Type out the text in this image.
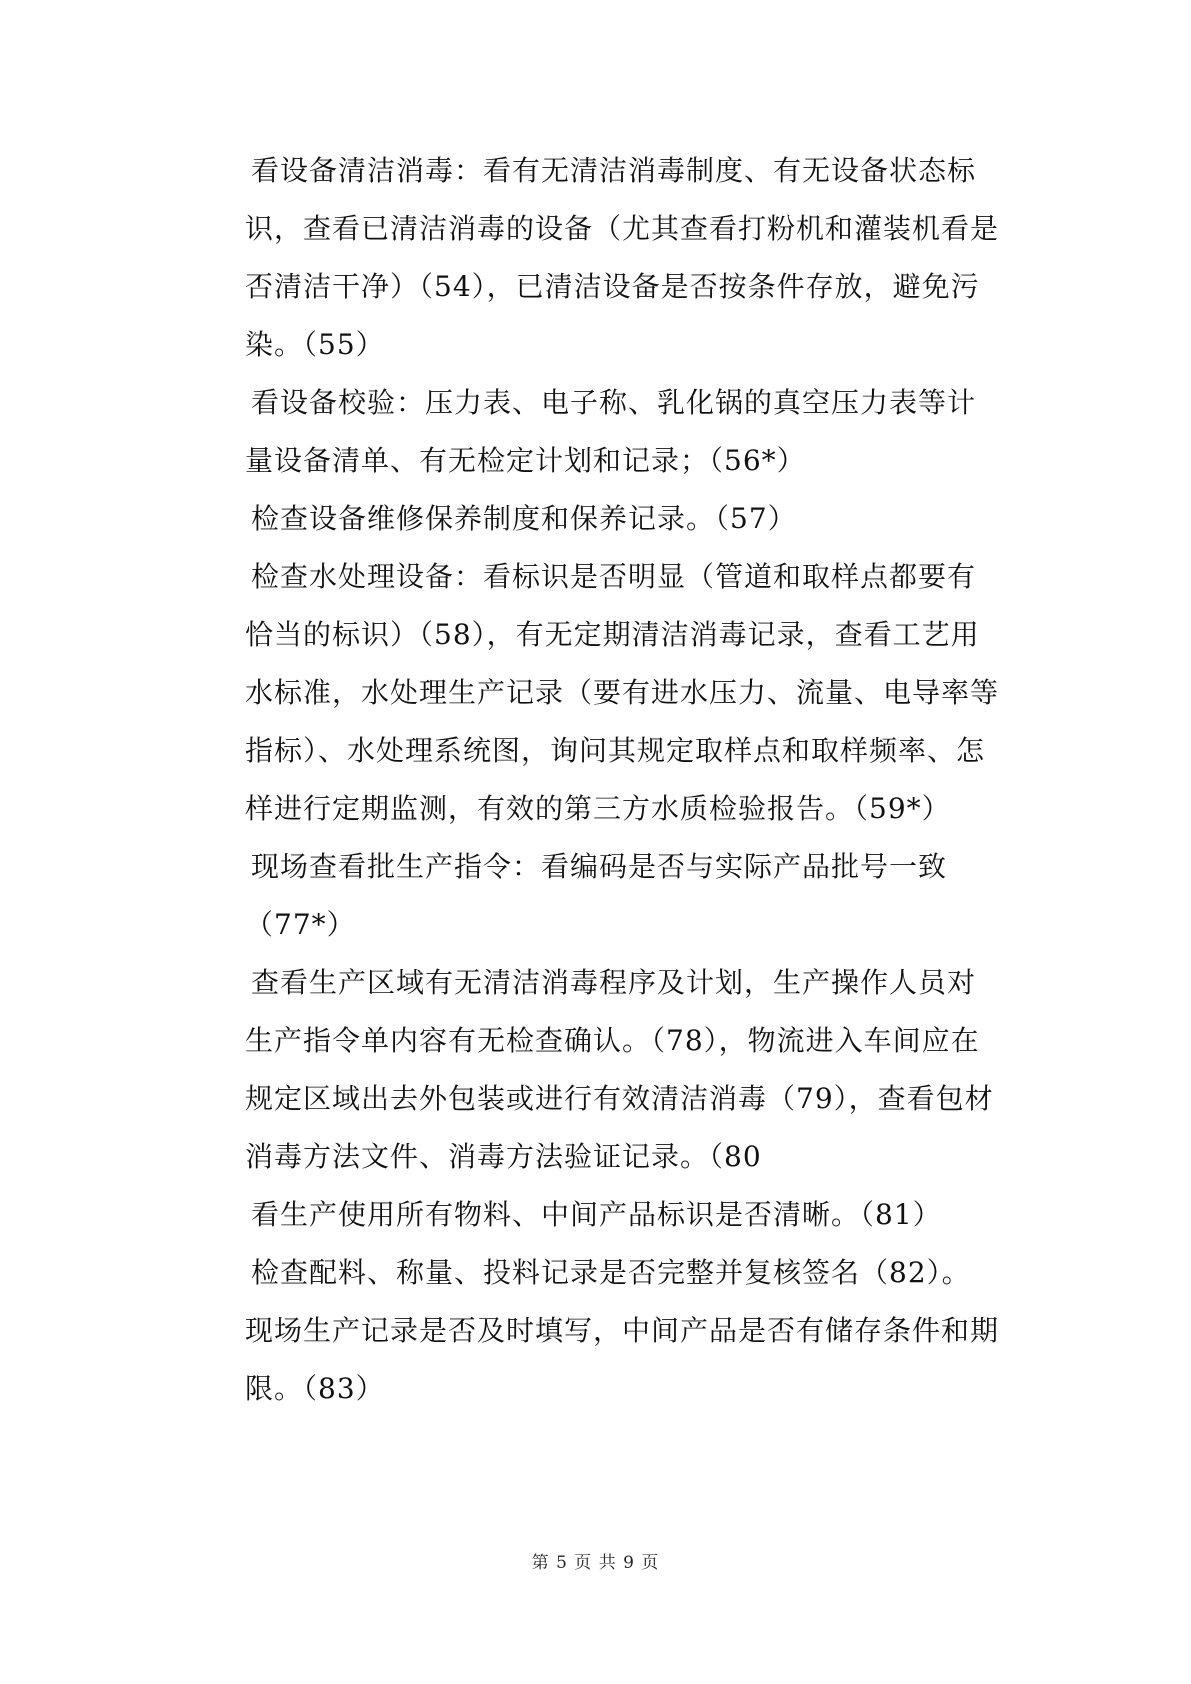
看设备清洁消毒：看有无清洁消毒制度、有无设备状态标
识，查看已清洁消毒的设备（尤其查看打粉机和灌装机看是
否清洁干净）（54），已清洁设备是否按条件存放，避免污
染。（55）
看设备校验：压力表、电子称、乳化锅的真空压力表等计
量设备清单、有无检定计划和记录；（56*）
检查设备维修保养制度和保养记录。（57）
检查水处理设备：看标识是否明显（管道和取样点都要有
恰当的标识）（58），有无定期清洁消毒记录，查看工艺用
水标准，水处理生产记录（要有进水压力、流量、电导率等
指标）、水处理系统图，询问其规定取样点和取样频率、怎
样进行定期监测，有效的第三方水质检验报告。（59*）
现场查看批生产指令：看编码是否与实际产品批号一致
（77*）
查看生产区域有无清洁消毒程序及计划，生产操作人员对
生产指令单内容有无检查确认。（78），物流进入车间应在
规定区域出去外包装或进行有效清洁消毒（79），查看包材
消毒方法文件、消毒方法验证记录。（80
看生产使用所有物料、中间产品标识是否清晰。（81）
检查配料、称量、投料记录是否完整并复核签名（82）。
现场生产记录是否及时填写，中间产品是否有储存条件和期
限。（83）
第 5 页 共 9 页
